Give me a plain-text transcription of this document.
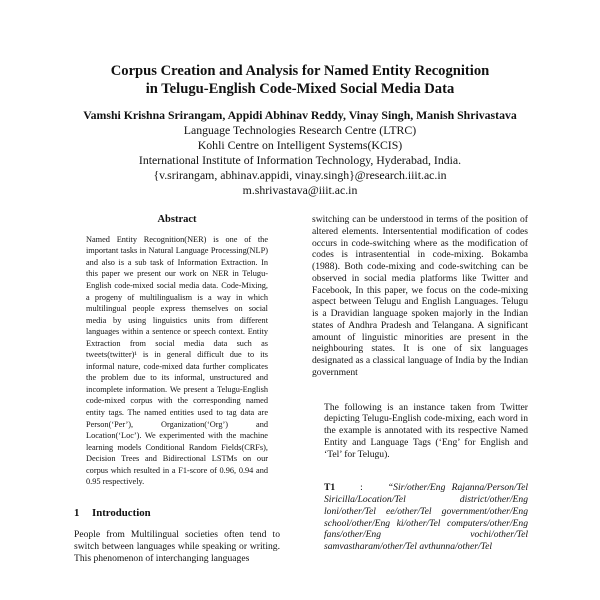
Corpus Creation and Analysis for Named Entity Recognition
in Telugu-English Code-Mixed Social Media Data
Vamshi Krishna Srirangam, Appidi Abhinav Reddy, Vinay Singh, Manish Shrivastava
Language Technologies Research Centre (LTRC)
Kohli Centre on Intelligent Systems(KCIS)
International Institute of Information Technology, Hyderabad, India.
{v.srirangam, abhinav.appidi, vinay.singh}@research.iiit.ac.in
m.shrivastava@iiit.ac.in
Abstract

Named Entity Recognition(NER) is one of the important tasks in Natural Language Processing(NLP) and also is a sub task of Information Extraction. In this paper we present our work on NER in Telugu-English code-mixed social media data. Code-Mixing, a progeny of multilingualism is a way in which multilingual people express themselves on social media by using linguistics units from different languages within a sentence or speech context. Entity Extraction from social media data such as tweets(twitter)¹ is in general difficult due to its informal nature, code-mixed data further complicates the problem due to its informal, unstructured and incomplete information. We present a Telugu-English code-mixed corpus with the corresponding named entity tags. The named entities used to tag data are Person(‘Per’), Organization(‘Org’) and Location(‘Loc’). We experimented with the machine learning models Conditional Random Fields(CRFs), Decision Trees and Bidirectional LSTMs on our corpus which resulted in a F1-score of 0.96, 0.94 and 0.95 respectively.

1 Introduction

People from Multilingual societies often tend to switch between languages while speaking or writing. This phenomenon of interchanging languages

switching can be understood in terms of the position of altered elements. Intersentential modification of codes occurs in code-switching where as the modification of codes is intrasentential in code-mixing. Bokamba (1988). Both code-mixing and code-switching can be observed in social media platforms like Twitter and Facebook, In this paper, we focus on the code-mixing aspect between Telugu and English Languages. Telugu is a Dravidian language spoken majorly in the Indian states of Andhra Pradesh and Telangana. A significant amount of linguistic minorities are present in the neighbouring states. It is one of six languages designated as a classical language of India by the Indian government

The following is an instance taken from Twitter depicting Telugu-English code-mixing, each word in the example is annotated with its respective Named Entity and Language Tags (‘Eng’ for English and ‘Tel’ for Telugu).

T1	:	“Sir/other/Eng Rajanna/Person/Tel Siricilla/Location/Tel district/other/Eng loni/other/Tel ee/other/Tel government/other/Eng school/other/Eng ki/other/Tel computers/other/Eng fans/other/Eng vochi/other/Tel samvastharam/other/Tel avthunna/other/Tel
